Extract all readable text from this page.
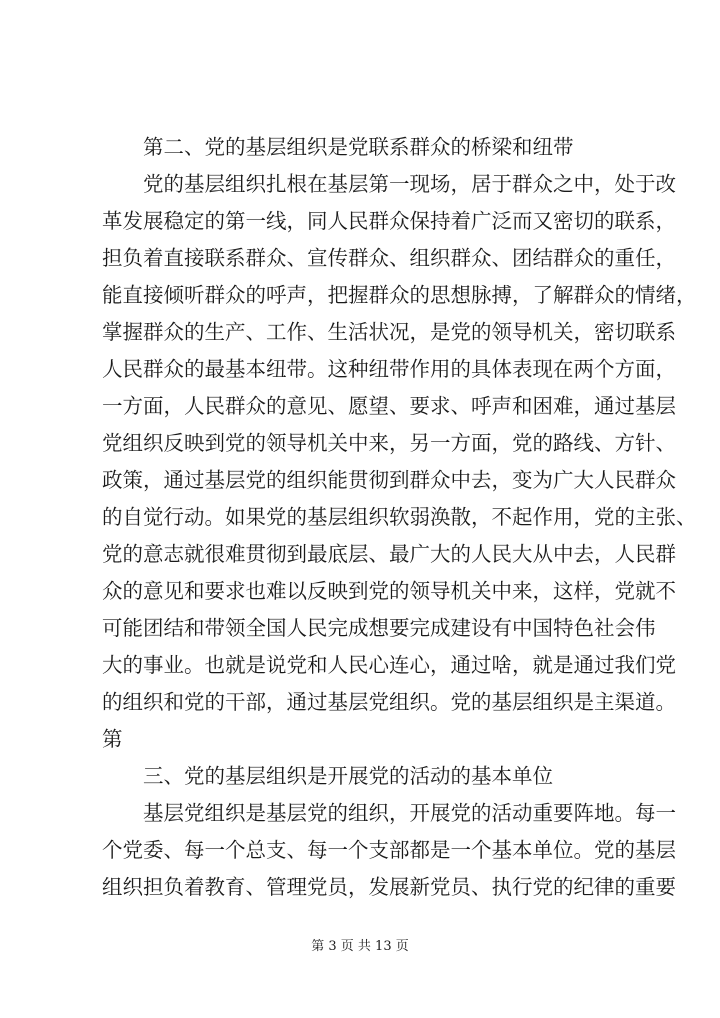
　　第二、党的基层组织是党联系群众的桥梁和纽带
　　党的基层组织扎根在基层第一现场，居于群众之中，处于改
革发展稳定的第一线，同人民群众保持着广泛而又密切的联系，
担负着直接联系群众、宣传群众、组织群众、团结群众的重任，
能直接倾听群众的呼声，把握群众的思想脉搏，了解群众的情绪，
掌握群众的生产、工作、生活状况，是党的领导机关，密切联系
人民群众的最基本纽带。这种纽带作用的具体表现在两个方面，
一方面，人民群众的意见、愿望、要求、呼声和困难，通过基层
党组织反映到党的领导机关中来，另一方面，党的路线、方针、
政策，通过基层党的组织能贯彻到群众中去，变为广大人民群众
的自觉行动。如果党的基层组织软弱涣散，不起作用，党的主张、
党的意志就很难贯彻到最底层、最广大的人民大从中去，人民群
众的意见和要求也难以反映到党的领导机关中来，这样，党就不
可能团结和带领全国人民完成想要完成建设有中国特色社会伟
大的事业。也就是说党和人民心连心，通过啥，就是通过我们党
的组织和党的干部，通过基层党组织。党的基层组织是主渠道。
第
　　三、党的基层组织是开展党的活动的基本单位
　　基层党组织是基层党的组织，开展党的活动重要阵地。每一
个党委、每一个总支、每一个支部都是一个基本单位。党的基层
组织担负着教育、管理党员，发展新党员、执行党的纪律的重要
第 3 页 共 13 页
